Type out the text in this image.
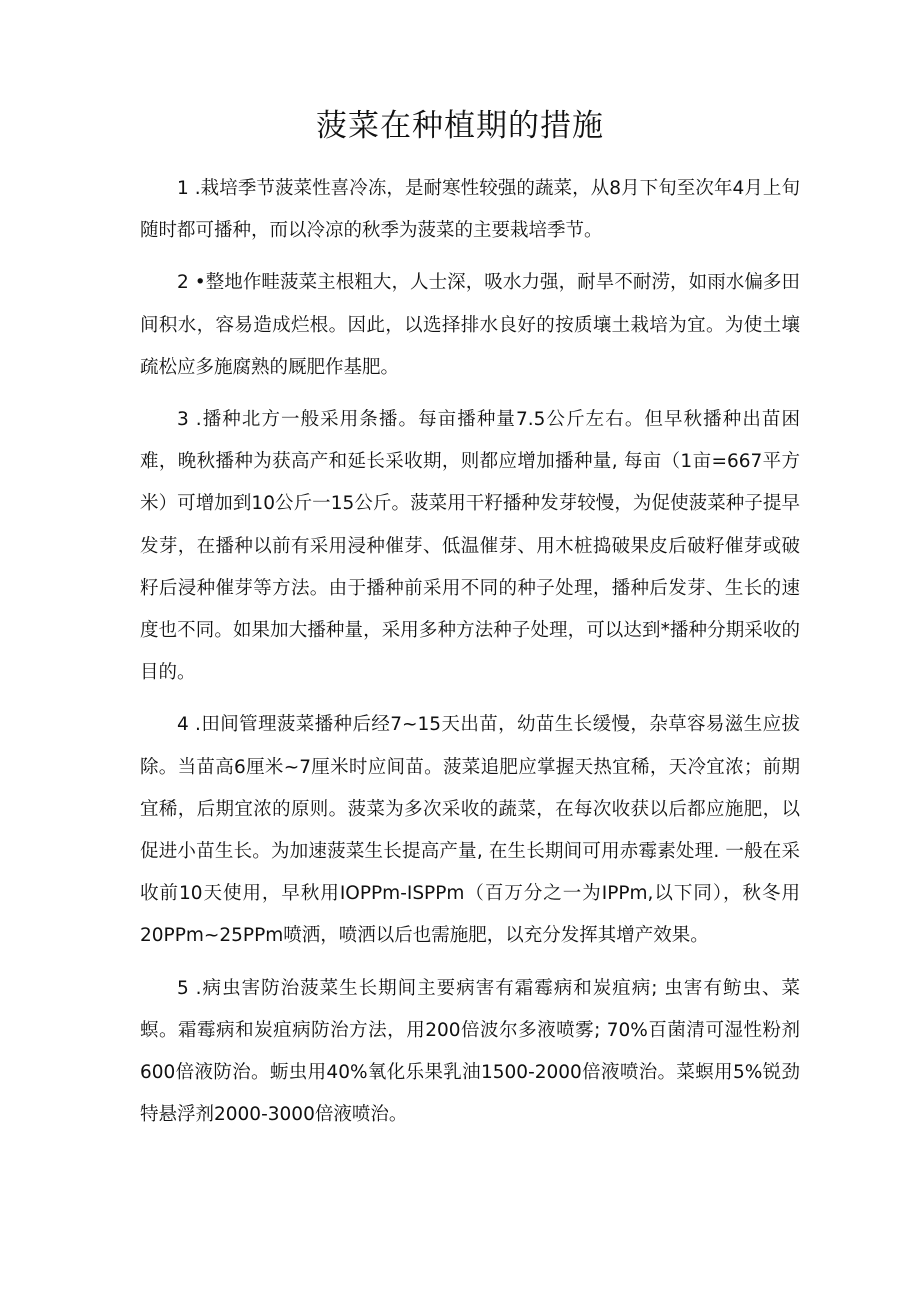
菠菜在种植期的措施

1 .栽培季节菠菜性喜冷冻，是耐寒性较强的蔬菜，从8月下旬至次年4月上旬随时都可播种，而以冷凉的秋季为菠菜的主要栽培季节。

2 •整地作畦菠菜主根粗大，人士深，吸水力强，耐旱不耐涝，如雨水偏多田间积水，容易造成烂根。因此，以选择排水良好的按质壤土栽培为宜。为使土壤疏松应多施腐熟的厩肥作基肥。

3 .播种北方一般采用条播。每亩播种量7.5公斤左右。但早秋播种出苗困难，晚秋播种为获高产和延长采收期，则都应增加播种量, 每亩（1亩=667平方米）可增加到10公斤一15公斤。菠菜用干籽播种发芽较慢，为促使菠菜种子提早发芽，在播种以前有采用浸种催芽、低温催芽、用木桩捣破果皮后破籽催芽或破籽后浸种催芽等方法。由于播种前采用不同的种子处理，播种后发芽、生长的速度也不同。如果加大播种量，采用多种方法种子处理，可以达到*播种分期采收的目的。

4 .田间管理菠菜播种后经7~15天出苗，幼苗生长缓慢，杂草容易滋生应拔除。当苗高6厘米~7厘米时应间苗。菠菜追肥应掌握天热宜稀，天冷宜浓；前期宜稀，后期宜浓的原则。菠菜为多次采收的蔬菜，在每次收获以后都应施肥，以促进小苗生长。为加速菠菜生长提高产量, 在生长期间可用赤霉素处理. 一般在采收前10天使用，早秋用IOPPm-ISPPm（百万分之一为IPPm,以下同），秋冬用20PPm~25PPm喷洒，喷洒以后也需施肥，以充分发挥其增产效果。

5 .病虫害防治菠菜生长期间主要病害有霜霉病和炭疽病; 虫害有鲂虫、菜螟。霜霉病和炭疽病防治方法，用200倍波尔多液喷雾; 70%百菌清可湿性粉剂600倍液防治。蛎虫用40%氧化乐果乳油1500-2000倍液喷治。菜螟用5%锐劲特悬浮剂2000-3000倍液喷治。
